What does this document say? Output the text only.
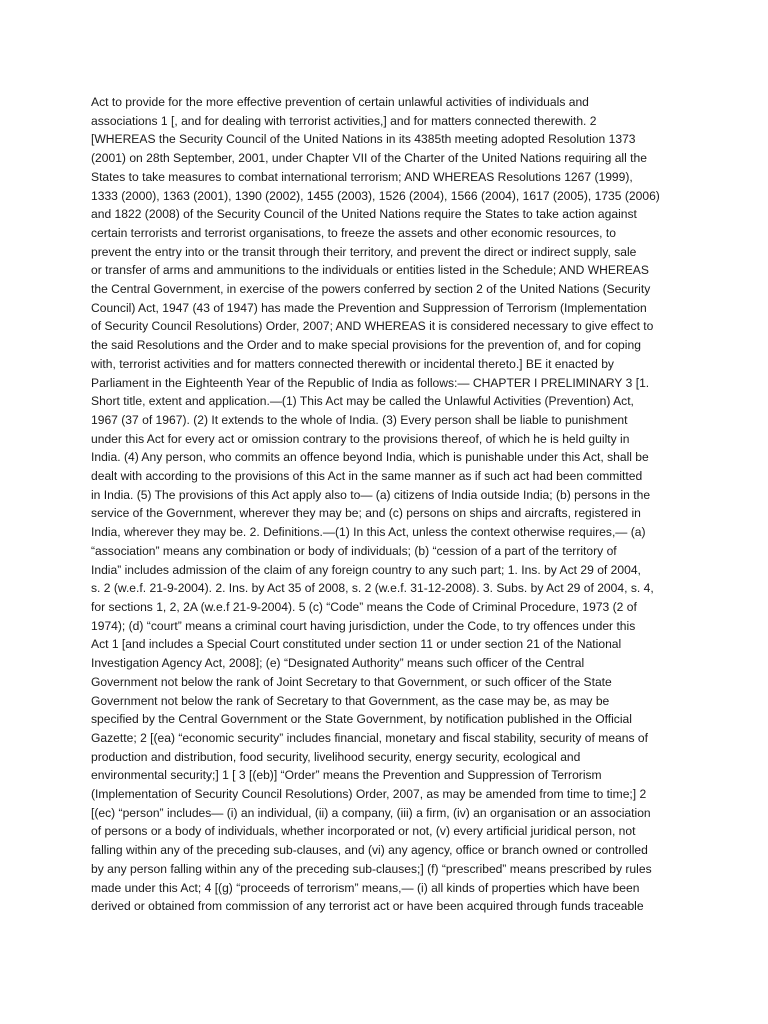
Act to provide for the more effective prevention of certain unlawful activities of individuals and
associations 1 [, and for dealing with terrorist activities,] and for matters connected therewith. 2
[WHEREAS the Security Council of the United Nations in its 4385th meeting adopted Resolution 1373
(2001) on 28th September, 2001, under Chapter VII of the Charter of the United Nations requiring all the
States to take measures to combat international terrorism; AND WHEREAS Resolutions 1267 (1999),
1333 (2000), 1363 (2001), 1390 (2002), 1455 (2003), 1526 (2004), 1566 (2004), 1617 (2005), 1735 (2006)
and 1822 (2008) of the Security Council of the United Nations require the States to take action against
certain terrorists and terrorist organisations, to freeze the assets and other economic resources, to
prevent the entry into or the transit through their territory, and prevent the direct or indirect supply, sale
or transfer of arms and ammunitions to the individuals or entities listed in the Schedule; AND WHEREAS
the Central Government, in exercise of the powers conferred by section 2 of the United Nations (Security
Council) Act, 1947 (43 of 1947) has made the Prevention and Suppression of Terrorism (Implementation
of Security Council Resolutions) Order, 2007; AND WHEREAS it is considered necessary to give effect to
the said Resolutions and the Order and to make special provisions for the prevention of, and for coping
with, terrorist activities and for matters connected therewith or incidental thereto.] BE it enacted by
Parliament in the Eighteenth Year of the Republic of India as follows:— CHAPTER I PRELIMINARY 3 [1.
Short title, extent and application.—(1) This Act may be called the Unlawful Activities (Prevention) Act,
1967 (37 of 1967). (2) It extends to the whole of India. (3) Every person shall be liable to punishment
under this Act for every act or omission contrary to the provisions thereof, of which he is held guilty in
India. (4) Any person, who commits an offence beyond India, which is punishable under this Act, shall be
dealt with according to the provisions of this Act in the same manner as if such act had been committed
in India. (5) The provisions of this Act apply also to— (a) citizens of India outside India; (b) persons in the
service of the Government, wherever they may be; and (c) persons on ships and aircrafts, registered in
India, wherever they may be. 2. Definitions.—(1) In this Act, unless the context otherwise requires,— (a)
“association” means any combination or body of individuals; (b) “cession of a part of the territory of
India” includes admission of the claim of any foreign country to any such part; 1. Ins. by Act 29 of 2004,
s. 2 (w.e.f. 21-9-2004). 2. Ins. by Act 35 of 2008, s. 2 (w.e.f. 31-12-2008). 3. Subs. by Act 29 of 2004, s. 4,
for sections 1, 2, 2A (w.e.f 21-9-2004). 5 (c) “Code” means the Code of Criminal Procedure, 1973 (2 of
1974); (d) “court” means a criminal court having jurisdiction, under the Code, to try offences under this
Act 1 [and includes a Special Court constituted under section 11 or under section 21 of the National
Investigation Agency Act, 2008]; (e) “Designated Authority” means such officer of the Central
Government not below the rank of Joint Secretary to that Government, or such officer of the State
Government not below the rank of Secretary to that Government, as the case may be, as may be
specified by the Central Government or the State Government, by notification published in the Official
Gazette; 2 [(ea) “economic security” includes financial, monetary and fiscal stability, security of means of
production and distribution, food security, livelihood security, energy security, ecological and
environmental security;] 1 [ 3 [(eb)] “Order” means the Prevention and Suppression of Terrorism
(Implementation of Security Council Resolutions) Order, 2007, as may be amended from time to time;] 2
[(ec) “person” includes— (i) an individual, (ii) a company, (iii) a firm, (iv) an organisation or an association
of persons or a body of individuals, whether incorporated or not, (v) every artificial juridical person, not
falling within any of the preceding sub-clauses, and (vi) any agency, office or branch owned or controlled
by any person falling within any of the preceding sub-clauses;] (f) “prescribed” means prescribed by rules
made under this Act; 4 [(g) “proceeds of terrorism” means,— (i) all kinds of properties which have been
derived or obtained from commission of any terrorist act or have been acquired through funds traceable
